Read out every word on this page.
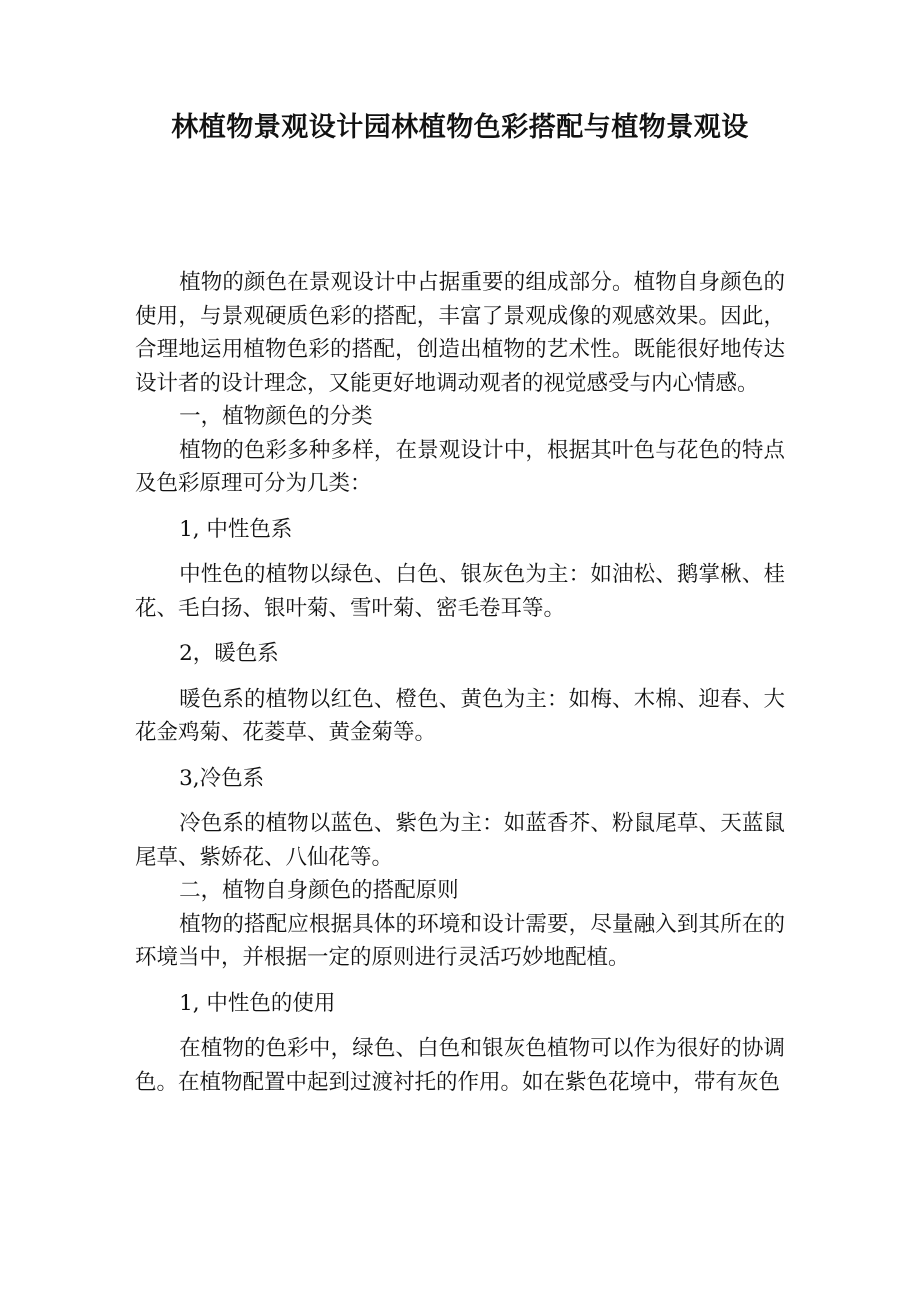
林植物景观设计园林植物色彩搭配与植物景观设

植物的颜色在景观设计中占据重要的组成部分。植物自身颜色的使用，与景观硬质色彩的搭配，丰富了景观成像的观感效果。因此，合理地运用植物色彩的搭配，创造出植物的艺术性。既能很好地传达设计者的设计理念，又能更好地调动观者的视觉感受与内心情感。

一，植物颜色的分类

植物的色彩多种多样，在景观设计中，根据其叶色与花色的特点及色彩原理可分为几类：

1, 中性色系

中性色的植物以绿色、白色、银灰色为主：如油松、鹅掌楸、桂花、毛白扬、银叶菊、雪叶菊、密毛卷耳等。

2，暖色系

暖色系的植物以红色、橙色、黄色为主：如梅、木棉、迎春、大花金鸡菊、花菱草、黄金菊等。

3,冷色系

冷色系的植物以蓝色、紫色为主：如蓝香芥、粉鼠尾草、天蓝鼠尾草、紫娇花、八仙花等。

二，植物自身颜色的搭配原则

植物的搭配应根据具体的环境和设计需要，尽量融入到其所在的环境当中，并根据一定的原则进行灵活巧妙地配植。

1, 中性色的使用

在植物的色彩中，绿色、白色和银灰色植物可以作为很好的协调色。在植物配置中起到过渡衬托的作用。如在紫色花境中，带有灰色
